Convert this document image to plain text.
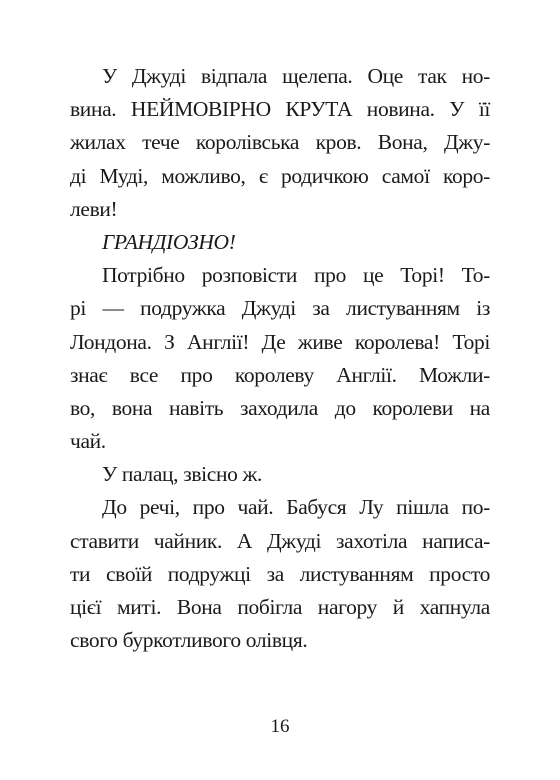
У Джуді відпала щелепа. Оце так но-
вина. НЕЙМОВІРНО КРУТА новина. У її
жилах тече королівська кров. Вона, Джу-
ді Муді, можливо, є родичкою самої коро-
леви!
ГРАНДІОЗНО!
Потрібно розповісти про це Торі! То-
рі — подружка Джуді за листуванням із
Лондона. З Англії! Де живе королева! Торі
знає все про королеву Англії. Можли-
во, вона навіть заходила до королеви на
чай.
У палац, звісно ж.
До речі, про чай. Бабуся Лу пішла по-
ставити чайник. А Джуді захотіла написа-
ти своїй подружці за листуванням просто
цієї миті. Вона побігла нагору й хапнула
свого буркотливого олівця.
16
